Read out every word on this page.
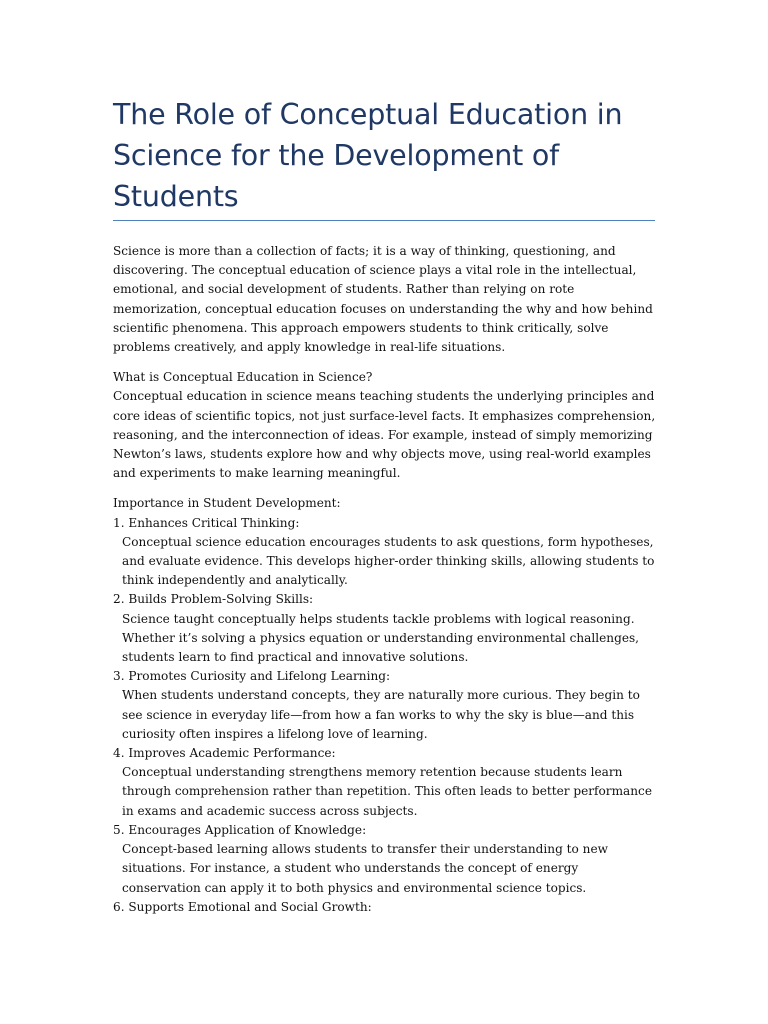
The Role of Conceptual Education in Science for the Development of Students

Science is more than a collection of facts; it is a way of thinking, questioning, and discovering. The conceptual education of science plays a vital role in the intellectual, emotional, and social development of students. Rather than relying on rote memorization, conceptual education focuses on understanding the why and how behind scientific phenomena. This approach empowers students to think critically, solve problems creatively, and apply knowledge in real-life situations.

What is Conceptual Education in Science?

Conceptual education in science means teaching students the underlying principles and core ideas of scientific topics, not just surface-level facts. It emphasizes comprehension, reasoning, and the interconnection of ideas. For example, instead of simply memorizing Newton’s laws, students explore how and why objects move, using real-world examples and experiments to make learning meaningful.

Importance in Student Development:

1. Enhances Critical Thinking:

Conceptual science education encourages students to ask questions, form hypotheses, and evaluate evidence. This develops higher-order thinking skills, allowing students to think independently and analytically.

2. Builds Problem-Solving Skills:

Science taught conceptually helps students tackle problems with logical reasoning. Whether it’s solving a physics equation or understanding environmental challenges, students learn to find practical and innovative solutions.

3. Promotes Curiosity and Lifelong Learning:

When students understand concepts, they are naturally more curious. They begin to see science in everyday life—from how a fan works to why the sky is blue—and this curiosity often inspires a lifelong love of learning.

4. Improves Academic Performance:

Conceptual understanding strengthens memory retention because students learn through comprehension rather than repetition. This often leads to better performance in exams and academic success across subjects.

5. Encourages Application of Knowledge:

Concept-based learning allows students to transfer their understanding to new situations. For instance, a student who understands the concept of energy conservation can apply it to both physics and environmental science topics.

6. Supports Emotional and Social Growth:
